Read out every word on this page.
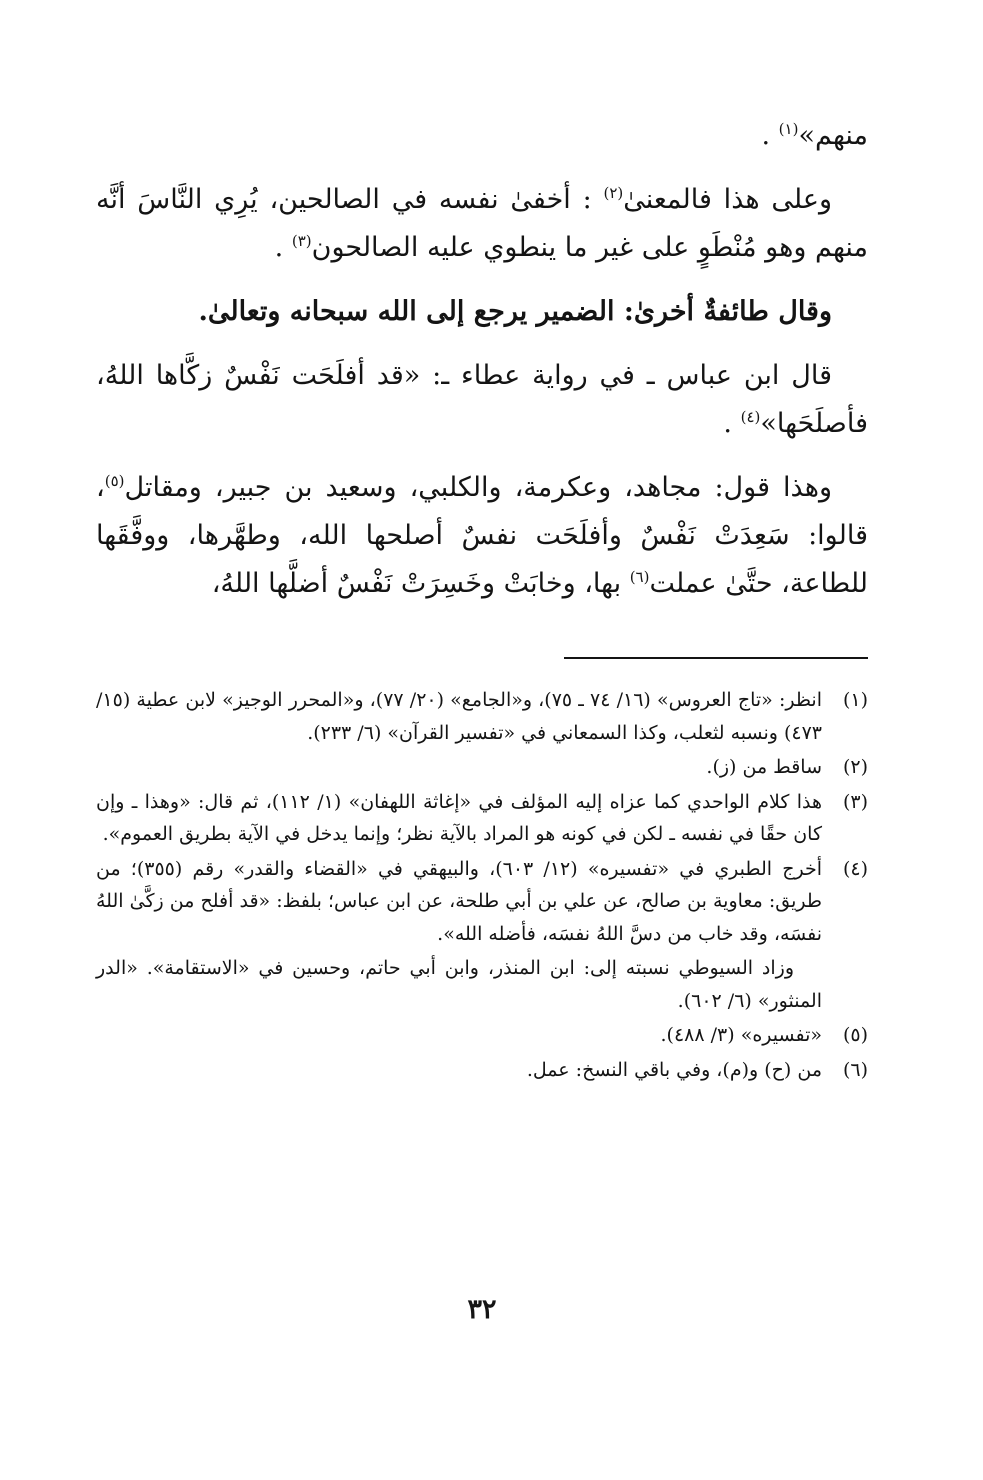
منهم»$^{(١)}$ .

وعلى هذا فالمعنىٰ$^{(٢)}$ : أخفىٰ نفسه في الصالحين، يُرِي النَّاسَ أنَّه منهم وهو مُنْطَوٍ على غير ما ينطوي عليه الصالحون$^{(٣)}$ .

وقال طائفةٌ أخرىٰ: الضمير يرجع إلى الله سبحانه وتعالىٰ.

قال ابن عباس ـ في رواية عطاء ـ: «قد أفلَحَت نَفْسٌ زكَّاها اللهُ، فأصلَحَها»$^{(٤)}$ .

وهذا قول: مجاهد، وعكرمة، والكلبي، وسعيد بن جبير، ومقاتل$^{(٥)}$، قالوا: سَعِدَتْ نَفْسٌ وأفلَحَت نفسٌ أصلحها الله، وطهَّرها، ووفَّقَها للطاعة، حتَّىٰ عملت$^{(٦)}$ بها، وخابَتْ وخَسِرَتْ نَفْسٌ أضلَّها اللهُ،

(١)
انظر: «تاج العروس» (١٦/ ٧٤ ـ ٧٥)، و«الجامع» (٢٠/ ٧٧)، و«المحرر الوجيز» لابن عطية (١٥/ ٤٧٣) ونسبه لثعلب، وكذا السمعاني في «تفسير القرآن» (٦/ ٢٣٣).
(٢)
ساقط من (ز).
(٣)
هذا كلام الواحدي كما عزاه إليه المؤلف في «إغاثة اللهفان» (١/ ١١٢)، ثم قال: «وهذا ـ وإن كان حقًا في نفسه ـ لكن في كونه هو المراد بالآية نظر؛ وإنما يدخل في الآية بطريق العموم».
(٤)
أخرج الطبري في «تفسيره» (١٢/ ٦٠٣)، والبيهقي في «القضاء والقدر» رقم (٣٥٥)؛ من طريق: معاوية بن صالح، عن علي بن أبي طلحة، عن ابن عباس؛ بلفظ: «قد أفلح من زكَّىٰ اللهُ نفسَه، وقد خاب من دسَّ اللهُ نفسَه، فأضله الله».
وزاد السيوطي نسبته إلى: ابن المنذر، وابن أبي حاتم، وحسين في «الاستقامة». «الدر المنثور» (٦/ ٦٠٢).
(٥)
«تفسيره» (٣/ ٤٨٨).
(٦)
من (ح) و(م)، وفي باقي النسخ: عمل.
٣٢
